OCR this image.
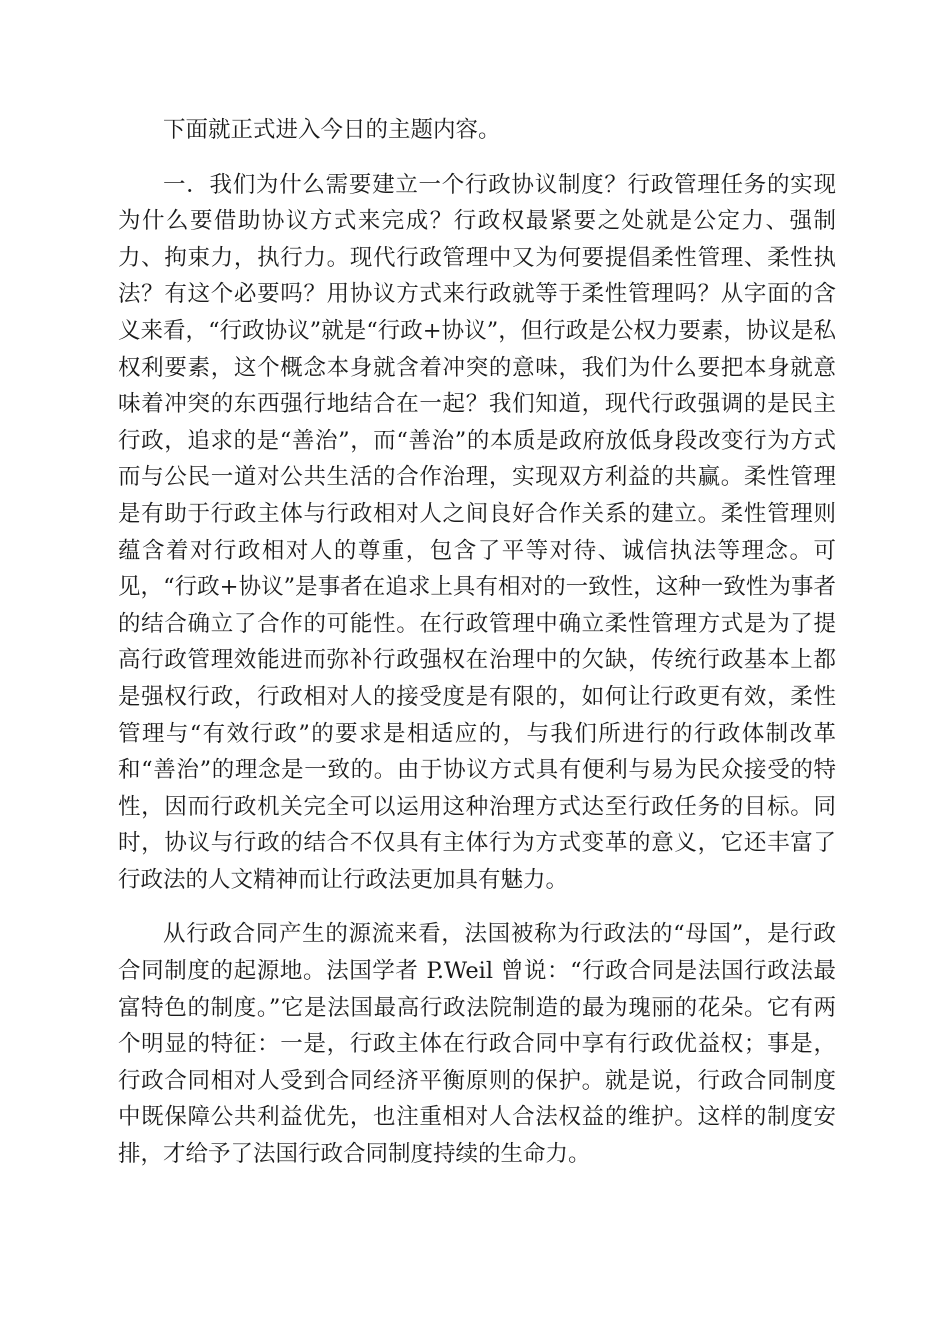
下面就正式进入今日的主题内容。

一．我们为什么需要建立一个行政协议制度？行政管理任务的实现为什么要借助协议方式来完成？行政权最紧要之处就是公定力、强制力、拘束力，执行力。现代行政管理中又为何要提倡柔性管理、柔性执法？有这个必要吗？用协议方式来行政就等于柔性管理吗？从字面的含义来看，“行政协议”就是“行政+协议”，但行政是公权力要素，协议是私权利要素，这个概念本身就含着冲突的意味，我们为什么要把本身就意味着冲突的东西强行地结合在一起？我们知道，现代行政强调的是民主行政，追求的是“善治”，而“善治”的本质是政府放低身段改变行为方式而与公民一道对公共生活的合作治理，实现双方利益的共赢。柔性管理是有助于行政主体与行政相对人之间良好合作关系的建立。柔性管理则蕴含着对行政相对人的尊重，包含了平等对待、诚信执法等理念。可见，“行政+协议”是事者在追求上具有相对的一致性，这种一致性为事者的结合确立了合作的可能性。在行政管理中确立柔性管理方式是为了提高行政管理效能进而弥补行政强权在治理中的欠缺，传统行政基本上都是强权行政，行政相对人的接受度是有限的，如何让行政更有效，柔性管理与“有效行政”的要求是相适应的，与我们所进行的行政体制改革和“善治”的理念是一致的。由于协议方式具有便利与易为民众接受的特性，因而行政机关完全可以运用这种治理方式达至行政任务的目标。同时，协议与行政的结合不仅具有主体行为方式变革的意义，它还丰富了行政法的人文精神而让行政法更加具有魅力。

从行政合同产生的源流来看，法国被称为行政法的“母国”，是行政合同制度的起源地。法国学者 P.Weil 曾说：“行政合同是法国行政法最富特色的制度。”它是法国最高行政法院制造的最为瑰丽的花朵。它有两个明显的特征：一是，行政主体在行政合同中享有行政优益权；事是，行政合同相对人受到合同经济平衡原则的保护。就是说，行政合同制度中既保障公共利益优先，也注重相对人合法权益的维护。这样的制度安排，才给予了法国行政合同制度持续的生命力。
